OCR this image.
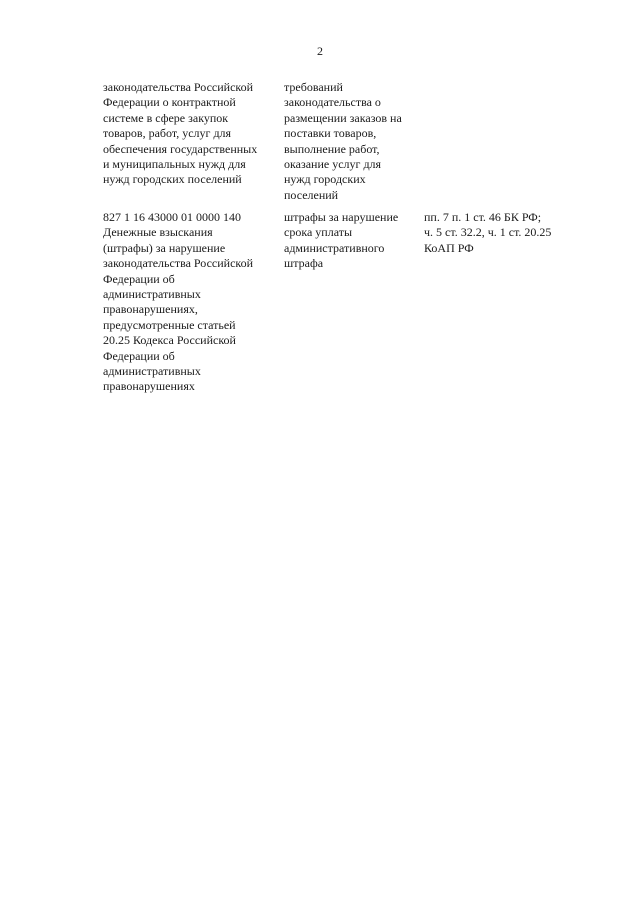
2

законодательства Российской
Федерации о контрактной
системе в сфере закупок
товаров, работ, услуг для
обеспечения государственных
и муниципальных нужд для
нужд городских поселений

требований
законодательства о
размещении заказов на
поставки товаров,
выполнение работ,
оказание услуг для
нужд городских
поселений

827 1 16 43000 01 0000 140
Денежные взыскания
(штрафы) за нарушение
законодательства Российской
Федерации об
административных
правонарушениях,
предусмотренные статьей
20.25 Кодекса Российской
Федерации об
административных
правонарушениях

штрафы за нарушение
срока уплаты
административного
штрафа

пп. 7 п. 1 ст. 46 БК РФ;
ч. 5 ст. 32.2, ч. 1 ст. 20.25
КоАП РФ
